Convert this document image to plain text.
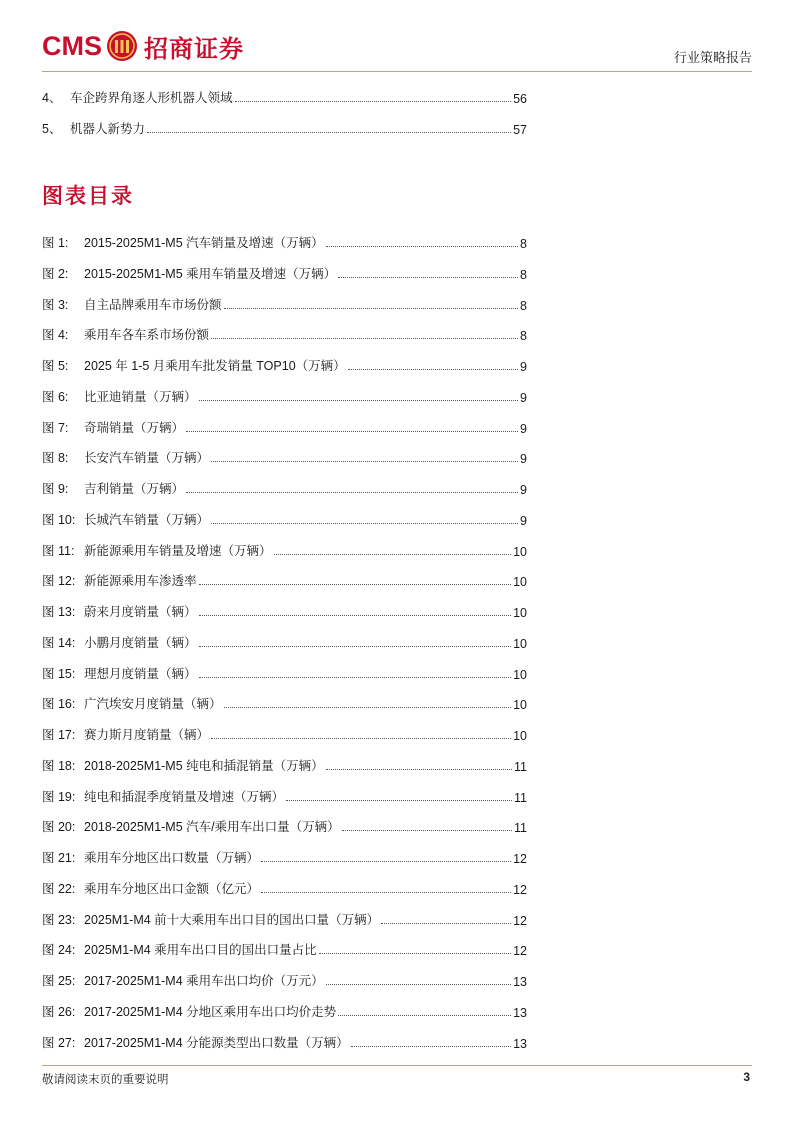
CMS 招商证券	行业策略报告
4、 车企跨界角逐人形机器人领域	56
5、 机器人新势力	57
图表目录
图 1:	2015-2025M1-M5 汽车销量及增速（万辆）	8
图 2:	2015-2025M1-M5 乘用车销量及增速（万辆）	8
图 3:	自主品牌乘用车市场份额	8
图 4:	乘用车各车系市场份额	8
图 5:	2025 年 1-5 月乘用车批发销量 TOP10（万辆）	9
图 6:	比亚迪销量（万辆）	9
图 7:	奇瑞销量（万辆）	9
图 8:	长安汽车销量（万辆）	9
图 9:	吉利销量（万辆）	9
图 10: 长城汽车销量（万辆）	9
图 11: 新能源乘用车销量及增速（万辆）	10
图 12: 新能源乘用车渗透率	10
图 13: 蔚来月度销量（辆）	10
图 14: 小鹏月度销量（辆）	10
图 15: 理想月度销量（辆）	10
图 16: 广汽埃安月度销量（辆）	10
图 17: 赛力斯月度销量（辆）	10
图 18: 2018-2025M1-M5 纯电和插混销量（万辆）	11
图 19: 纯电和插混季度销量及增速（万辆）	11
图 20: 2018-2025M1-M5 汽车/乘用车出口量（万辆）	11
图 21: 乘用车分地区出口数量（万辆）	12
图 22: 乘用车分地区出口金额（亿元）	12
图 23: 2025M1-M4 前十大乘用车出口目的国出口量（万辆）	12
图 24: 2025M1-M4 乘用车出口目的国出口量占比	12
图 25: 2017-2025M1-M4 乘用车出口均价（万元）	13
图 26: 2017-2025M1-M4 分地区乘用车出口均价走势	13
图 27: 2017-2025M1-M4 分能源类型出口数量（万辆）	13
敬请阅读末页的重要说明	3
